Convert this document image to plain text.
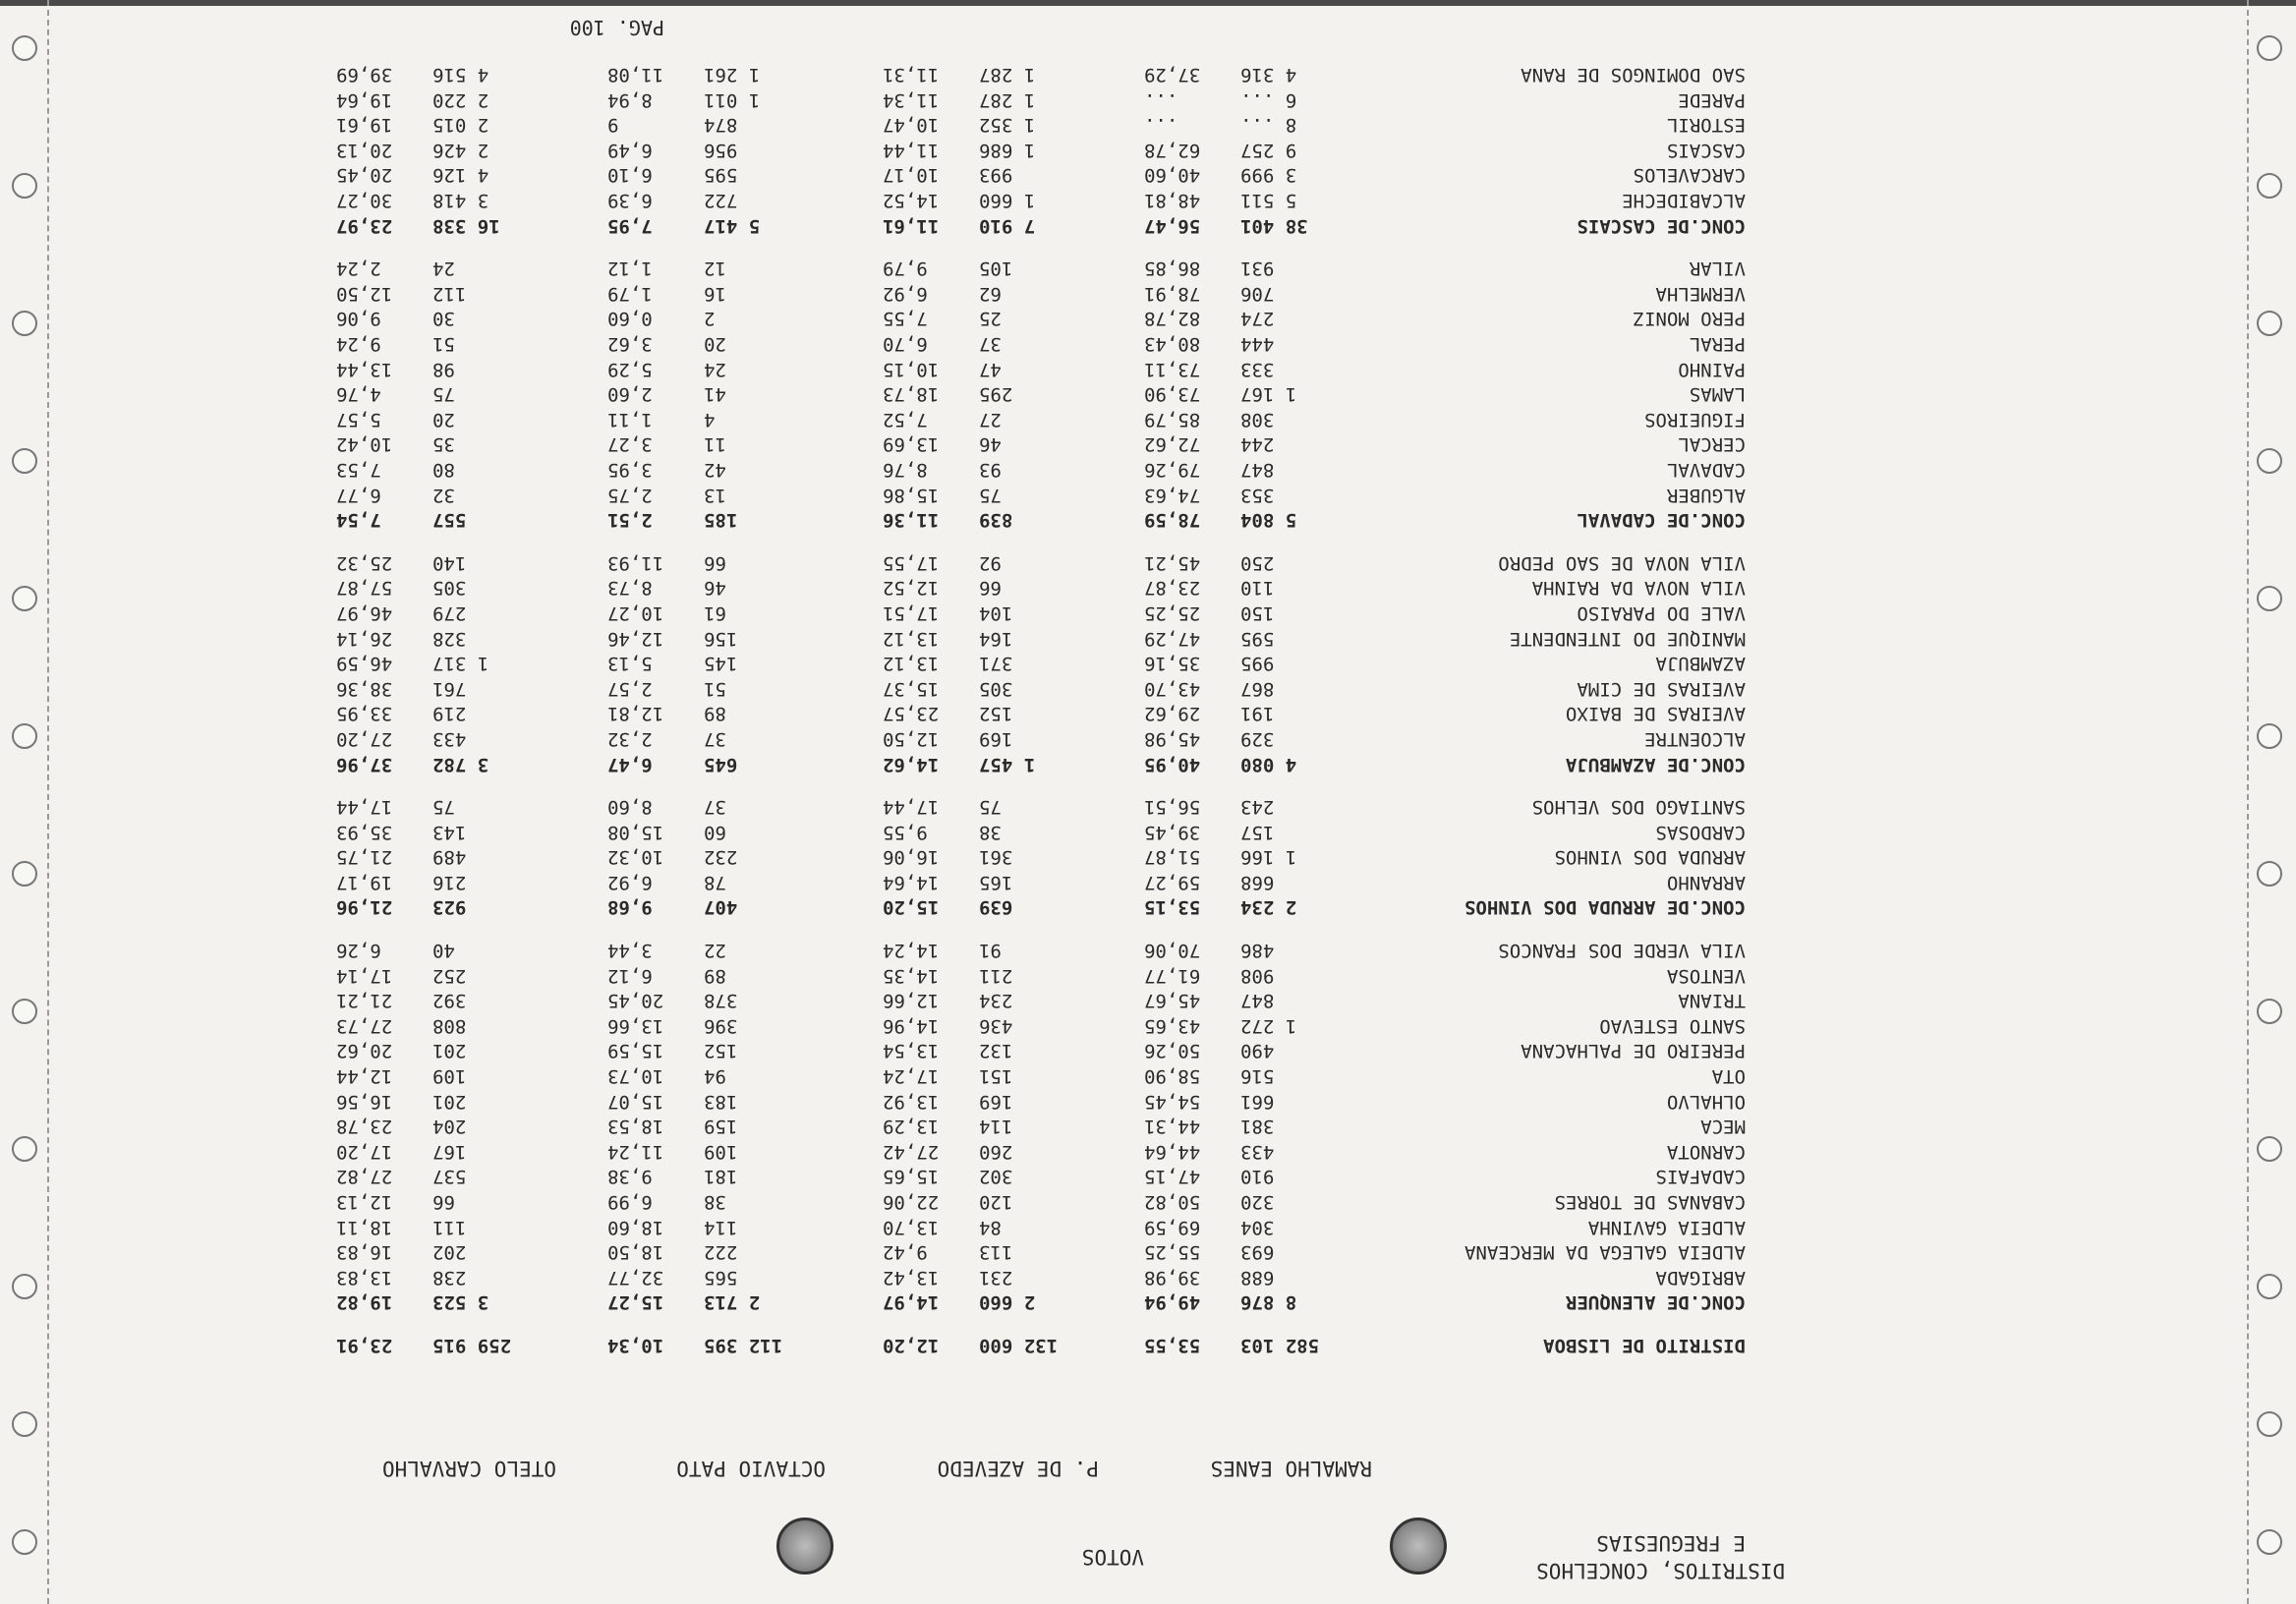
PAG. 100
DISTRITOS, CONCELHOS
E FREGUESIAS
VOTOS
RAMALHO EANES
P. DE AZEVEDO
OCTAVIO PATO
OTELO CARVALHO
DISTRITO DE LISBOA
582 103
53,55
132 600
12,20
112 395
10,34
259 915
23,91
CONC.DE ALENQUER
8 876
49,94
2 660
14,97
2 713
15,27
3 523
19,82
ABRIGADA
688
39,98
231
13,42
565
32,77
238
13,83
ALDEIA GALEGA DA MERCEANA
693
55,25
113
9,42
222
18,50
202
16,83
ALDEIA GAVINHA
304
69,59
84
13,70
114
18,60
111
18,11
CABANAS DE TORRES
320
50,82
120
22,06
38
6,99
66
12,13
CADAFAIS
910
47,15
302
15,65
181
9,38
537
27,82
CARNOTA
433
44,64
260
27,42
109
11,24
167
17,20
MECA
381
44,31
114
13,29
159
18,53
204
23,78
OLHALVO
661
54,45
169
13,92
183
15,07
201
16,56
OTA
516
58,90
151
17,24
94
10,73
109
12,44
PEREIRO DE PALHACANA
490
50,26
132
13,54
152
15,59
201
20,62
SANTO ESTEVAO
1 272
43,65
436
14,96
396
13,66
808
27,73
TRIANA
847
45,67
234
12,66
378
20,45
392
21,21
VENTOSA
908
61,77
211
14,35
89
6,12
252
17,14
VILA VERDE DOS FRANCOS
486
70,06
91
14,24
22
3,44
40
6,26
CONC.DE ARRUDA DOS VINHOS
2 234
53,15
639
15,20
407
9,68
923
21,96
ARRANHO
668
59,27
165
14,64
78
6,92
216
19,17
ARRUDA DOS VINHOS
1 166
51,87
361
16,06
232
10,32
489
21,75
CARDOSAS
157
39,45
38
9,55
60
15,08
143
35,93
SANTIAGO DOS VELHOS
243
56,51
75
17,44
37
8,60
75
17,44
CONC.DE AZAMBUJA
4 080
40,95
1 457
14,62
645
6,47
3 782
37,96
ALCOENTRE
329
45,98
169
12,50
37
2,32
433
27,20
AVEIRAS DE BAIXO
191
29,62
152
23,57
89
12,81
219
33,95
AVEIRAS DE CIMA
867
43,70
305
15,37
51
2,57
761
38,36
AZAMBUJA
995
35,16
371
13,12
145
5,13
1 317
46,59
MANIQUE DO INTENDENTE
595
47,29
164
13,12
156
12,46
328
26,14
VALE DO PARAISO
150
25,25
104
17,51
61
10,27
279
46,97
VILA NOVA DA RAINHA
110
23,87
66
12,52
46
8,73
305
57,87
VILA NOVA DE SAO PEDRO
250
45,21
92
17,55
66
11,93
140
25,32
CONC.DE CADAVAL
5 804
78,59
839
11,36
185
2,51
557
7,54
ALGUBER
353
74,63
75
15,86
13
2,75
32
6,77
CADAVAL
847
79,26
93
8,76
42
3,95
80
7,53
CERCAL
244
72,62
46
13,69
11
3,27
35
10,42
FIGUEIROS
308
85,79
27
7,52
4
1,11
20
5,57
LAMAS
1 167
73,90
295
18,73
41
2,60
75
4,76
PAINHO
333
73,11
47
10,15
24
5,29
98
13,44
PERAL
444
80,43
37
6,70
20
3,62
51
9,24
PERO MONIZ
274
82,78
25
7,55
2
0,60
30
9,06
VERMELHA
706
78,91
62
6,92
16
1,79
112
12,50
VILAR
931
86,85
105
9,79
12
1,12
24
2,24
CONC.DE CASCAIS
38 401
56,47
7 910
11,61
5 417
7,95
16 338
23,97
ALCABIDECHE
5 511
48,81
1 660
14,52
722
6,39
3 418
30,27
CARCAVELOS
3 999
40,60
993
10,17
595
6,10
4 126
20,45
CASCAIS
9 257
62,78
1 686
11,44
956
6,49
2 426
20,13
ESTORIL
8 ...
...
1 352
10,47
874
9
2 015
19,61
PAREDE
6 ...
...
1 287
11,34
1 011
8,94
2 220
19,64
SAO DOMINGOS DE RANA
4 316
37,29
1 287
11,31
1 261
11,08
4 516
39,69
